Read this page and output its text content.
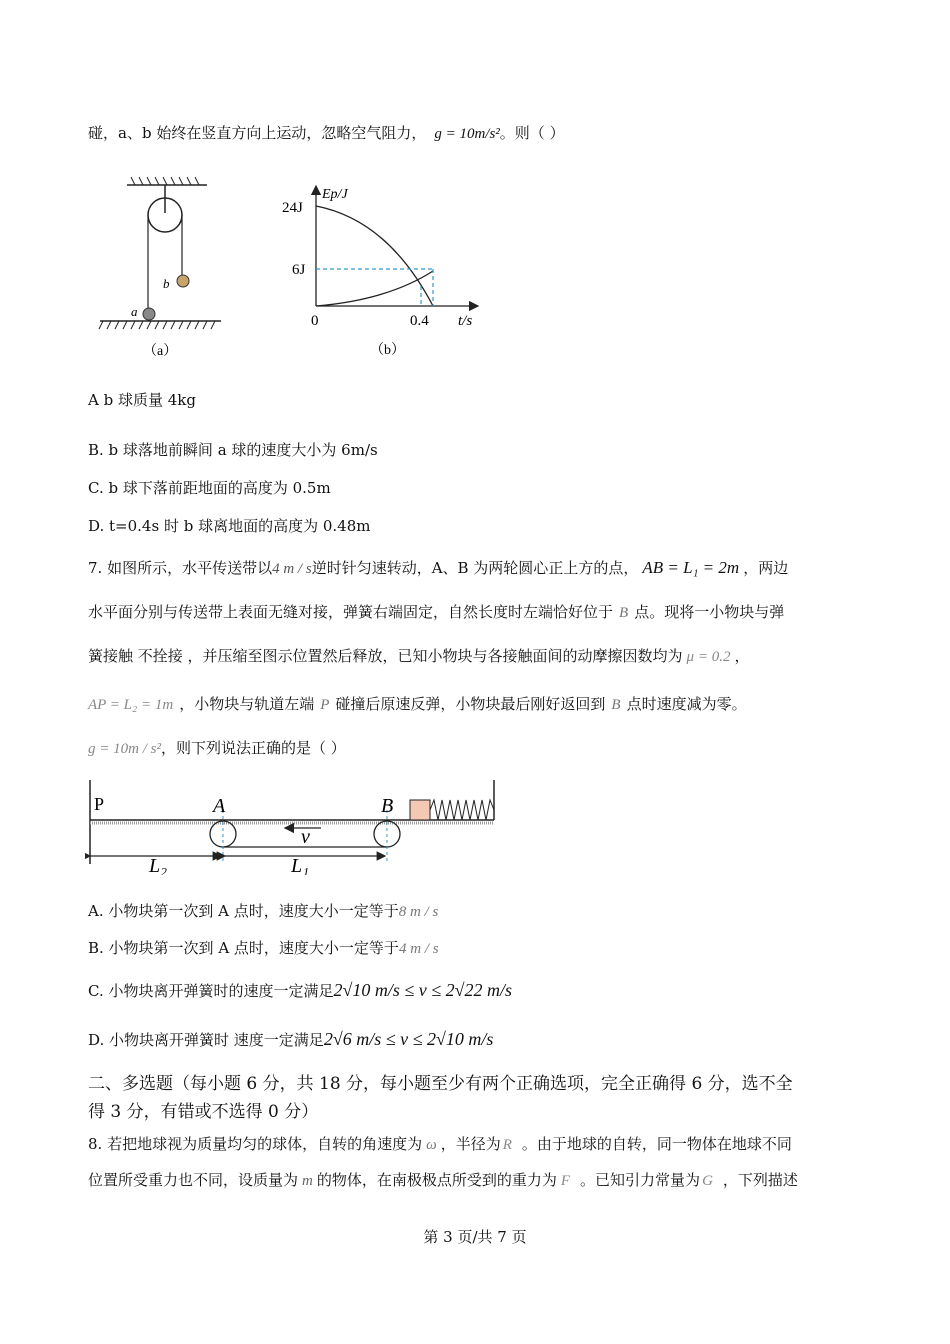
碰，a、b 始终在竖直方向上运动，忽略空气阻力， g = 10m/s²。则（ ）
b
a
（a）
Ep/J
24J
6J
0	0.4 t/s
（b）
A b 球质量 4kg
B. b 球落地前瞬间 a 球的速度大小为 6m/s
C. b 球下落前距地面的高度为 0.5m
D. t=0.4s 时 b 球离地面的高度为 0.48m
7. 如图所示，水平传送带以4 m / s逆时针匀速转动，A、B 为两轮圆心正上方的点， AB = L₁ = 2m ，两边
水平面分别与传送带上表面无缝对接，弹簧右端固定，自然长度时左端恰好位于 B 点。现将一小物块与弹
簧接触 不拴接 ，并压缩至图示位置然后释放，已知小物块与各接触面间的动摩擦因数均为 μ = 0.2 ，
AP = L₂ = 1m ，小物块与轨道左端 P 碰撞后原速反弹，小物块最后刚好返回到 B 点时速度减为零。
g = 10m / s²，则下列说法正确的是（ ）
P	A	B
v
L₂	L₁
A. 小物块第一次到 A 点时，速度大小一定等于8 m / s
B. 小物块第一次到 A 点时，速度大小一定等于4 m / s
C. 小物块离开弹簧时的速度一定满足2√10 m/s ≤ v ≤ 2√22 m/s
D. 小物块离开弹簧时 速度一定满足2√6 m/s ≤ v ≤ 2√10 m/s
二、多选题（每小题 6 分，共 18 分，每小题至少有两个正确选项，完全正确得 6 分，选不全
得 3 分，有错或不选得 0 分）
8. 若把地球视为质量均匀的球体，自转的角速度为 ω ，半径为 R 。由于地球的自转，同一物体在地球不同
位置所受重力也不同，设质量为 m 的物体，在南极极点所受到的重力为 F 。已知引力常量为 G ，下列描述
第 3 页/共 7 页
